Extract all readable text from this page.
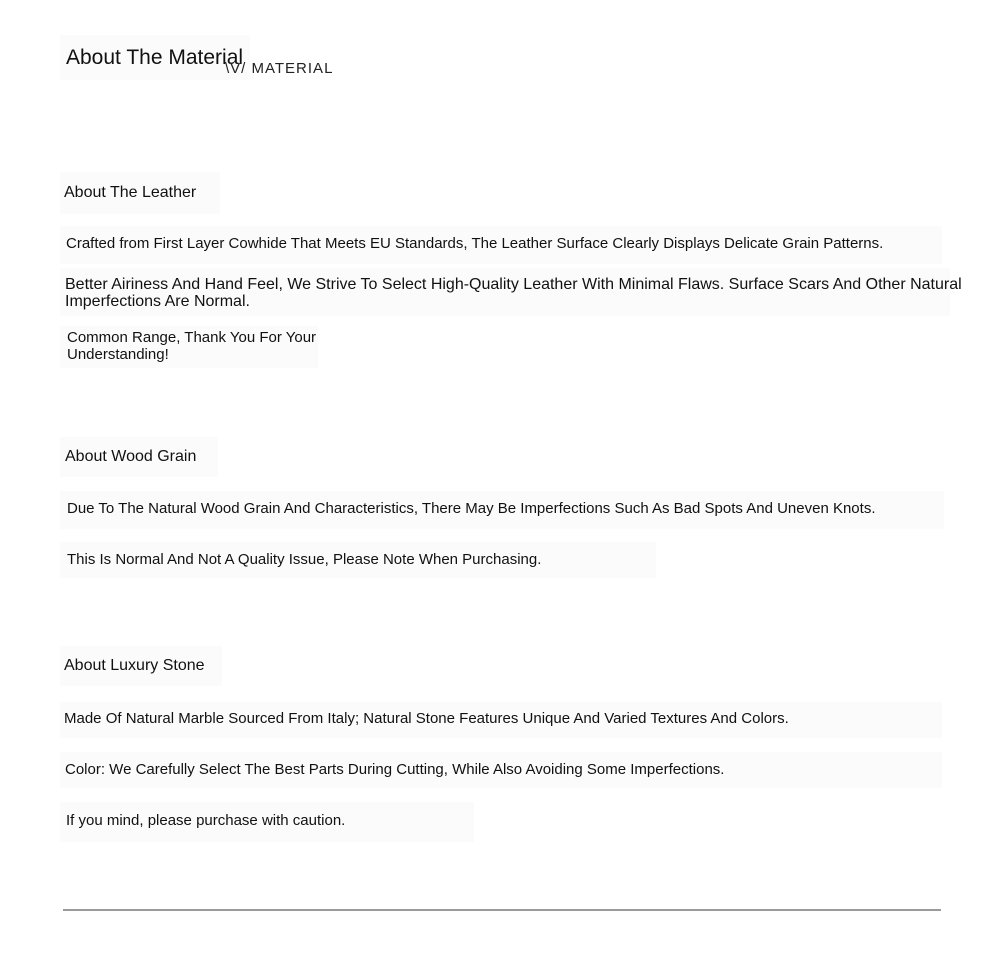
About The Material
\V/ MATERIAL
About The Leather
Crafted from First Layer Cowhide That Meets EU Standards, The Leather Surface Clearly Displays Delicate Grain Patterns.
Better Airiness And Hand Feel, We Strive To Select High-Quality Leather With Minimal Flaws. Surface Scars And Other Natural Imperfections Are Normal.
Common Range, Thank You For Your Understanding!
About Wood Grain
Due To The Natural Wood Grain And Characteristics, There May Be Imperfections Such As Bad Spots And Uneven Knots.
This Is Normal And Not A Quality Issue, Please Note When Purchasing.
About Luxury Stone
Made Of Natural Marble Sourced From Italy; Natural Stone Features Unique And Varied Textures And Colors.
Color: We Carefully Select The Best Parts During Cutting, While Also Avoiding Some Imperfections.
If you mind, please purchase with caution.
